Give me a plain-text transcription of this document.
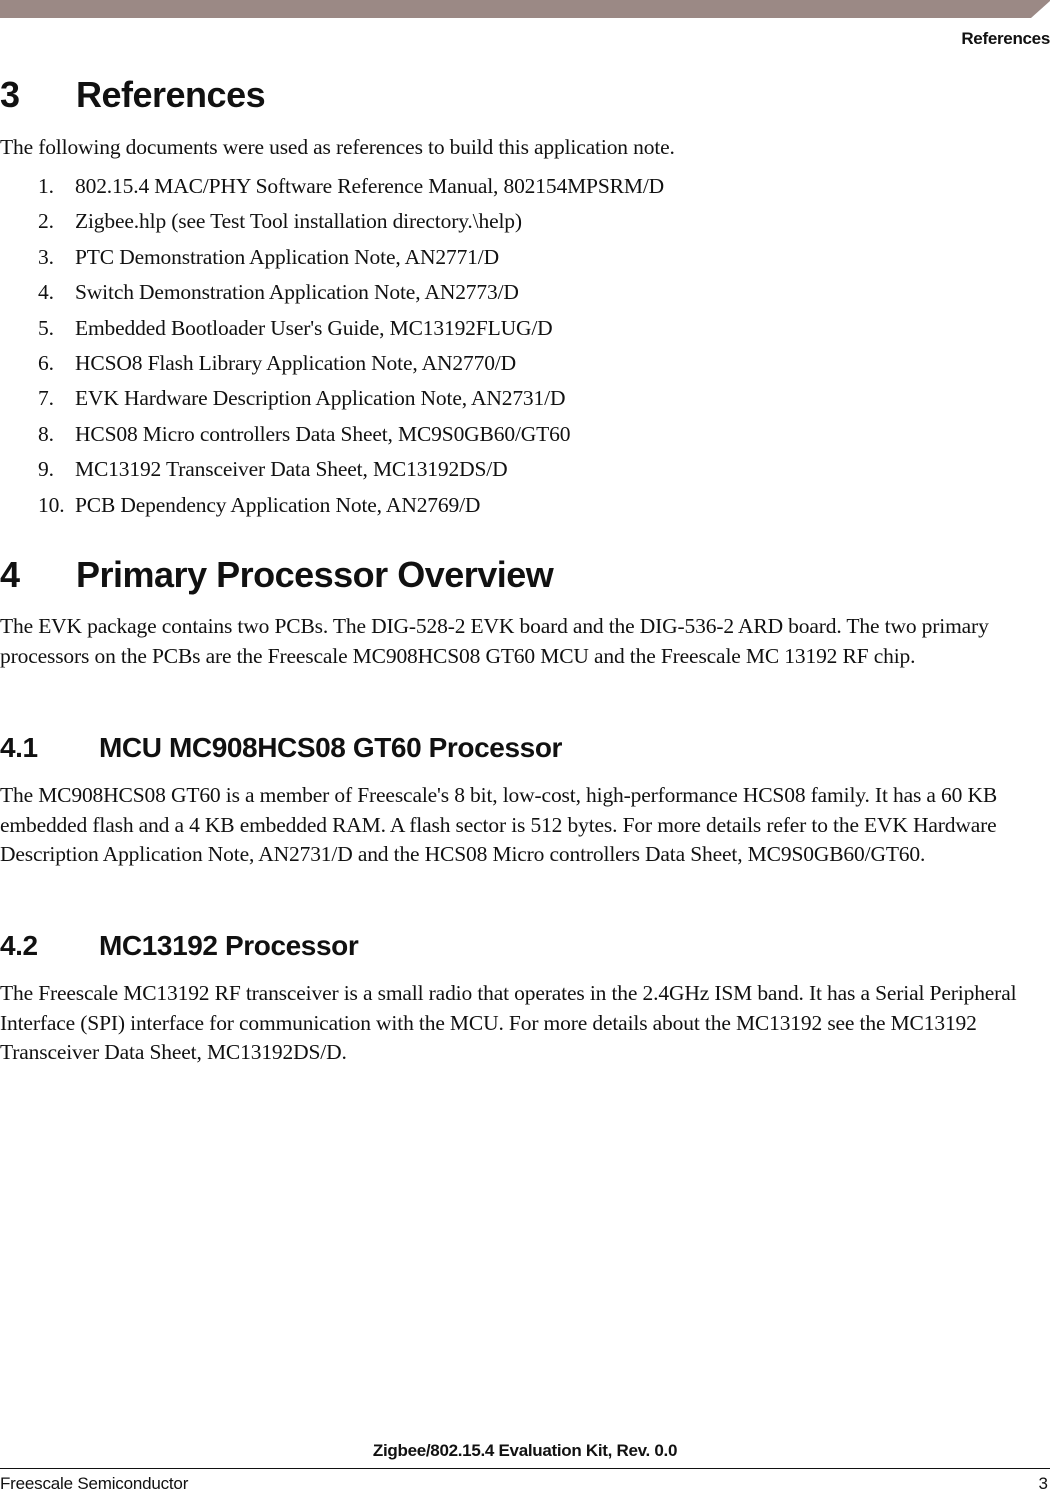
References
3 References

The following documents were used as references to build this application note.

1. 802.15.4 MAC/PHY Software Reference Manual, 802154MPSRM/D
2. Zigbee.hlp (see Test Tool installation directory.\help)
3. PTC Demonstration Application Note, AN2771/D
4. Switch Demonstration Application Note, AN2773/D
5. Embedded Bootloader User's Guide, MC13192FLUG/D
6. HCSO8 Flash Library Application Note, AN2770/D
7. EVK Hardware Description Application Note, AN2731/D
8. HCS08 Micro controllers Data Sheet, MC9S0GB60/GT60
9. MC13192 Transceiver Data Sheet, MC13192DS/D
10. PCB Dependency Application Note, AN2769/D
4 Primary Processor Overview

The EVK package contains two PCBs. The DIG-528-2 EVK board and the DIG-536-2 ARD board. The two primary processors on the PCBs are the Freescale MC908HCS08 GT60 MCU and the Freescale MC 13192 RF chip.

4.1 MCU MC908HCS08 GT60 Processor

The MC908HCS08 GT60 is a member of Freescale's 8 bit, low-cost, high-performance HCS08 family. It has a 60 KB embedded flash and a 4 KB embedded RAM. A flash sector is 512 bytes. For more details refer to the EVK Hardware Description Application Note, AN2731/D and the HCS08 Micro controllers Data Sheet, MC9S0GB60/GT60.

4.2 MC13192 Processor

The Freescale MC13192 RF transceiver is a small radio that operates in the 2.4GHz ISM band. It has a Serial Peripheral Interface (SPI) interface for communication with the MCU. For more details about the MC13192 see the MC13192 Transceiver Data Sheet, MC13192DS/D.

Zigbee/802.15.4 Evaluation Kit, Rev. 0.0
Freescale Semiconductor	3
